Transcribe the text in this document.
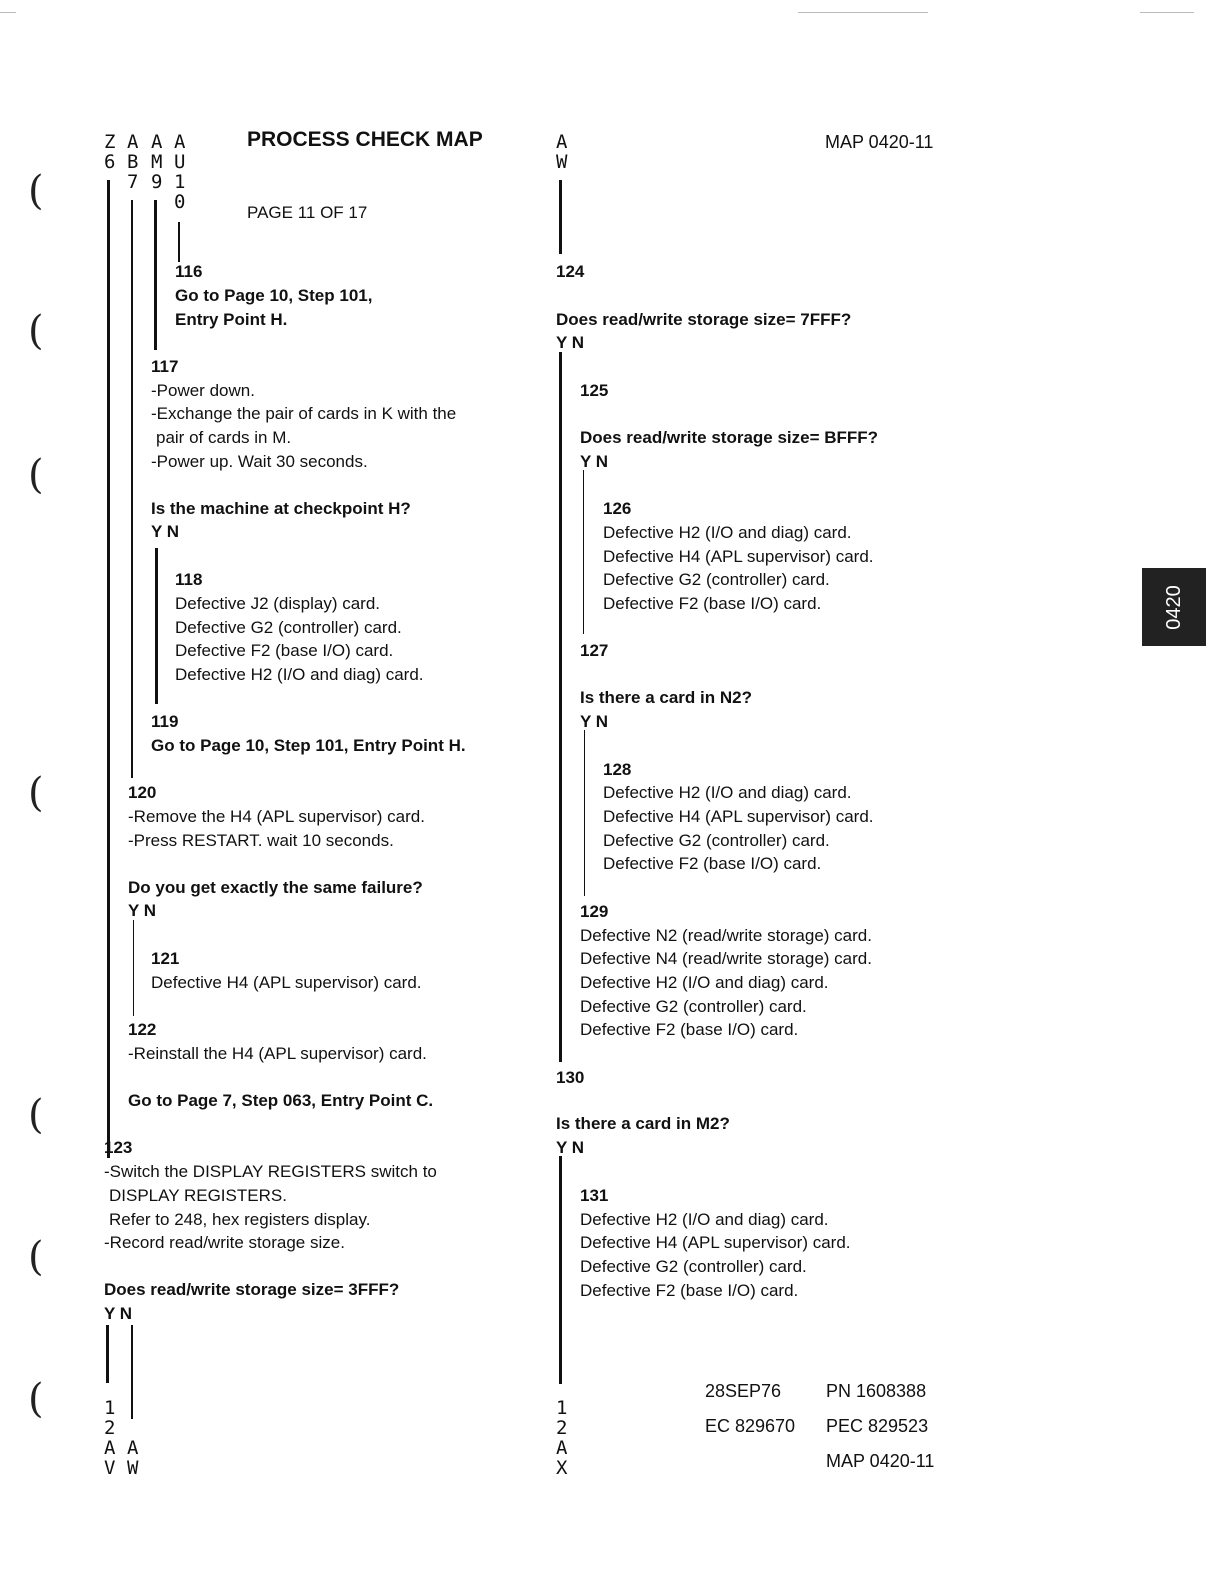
(
(
(
(
(
(
(
Z
6
A
B
7
A
M
9
A
U
1
0
PROCESS CHECK MAP
PAGE 11 OF 17
A
W
MAP 0420-11
0420
116
Go to Page 10, Step 101,
Entry Point H.
117
-Power down.
-Exchange the pair of cards in K with the
pair of cards in M.
-Power up. Wait 30 seconds.
Is the machine at checkpoint H?
Y N
118
Defective J2 (display) card.
Defective G2 (controller) card.
Defective F2 (base I/O) card.
Defective H2 (I/O and diag) card.
119
Go to Page 10, Step 101, Entry Point H.
120
-Remove the H4 (APL supervisor) card.
-Press RESTART. wait 10 seconds.
Do you get exactly the same failure?
Y N
121
Defective H4 (APL supervisor) card.
122
-Reinstall the H4 (APL supervisor) card.
Go to Page 7, Step 063, Entry Point C.
123
-Switch the DISPLAY REGISTERS switch to
DISPLAY REGISTERS.
Refer to 248, hex registers display.
-Record read/write storage size.
Does read/write storage size= 3FFF?
Y N
1
2
A
V
A
W
124
Does read/write storage size= 7FFF?
Y N
125
Does read/write storage size= BFFF?
Y N
126
Defective H2 (I/O and diag) card.
Defective H4 (APL supervisor) card.
Defective G2 (controller) card.
Defective F2 (base I/O) card.
127
Is there a card in N2?
Y N
128
Defective H2 (I/O and diag) card.
Defective H4 (APL supervisor) card.
Defective G2 (controller) card.
Defective F2 (base I/O) card.
129
Defective N2 (read/write storage) card.
Defective N4 (read/write storage) card.
Defective H2 (I/O and diag) card.
Defective G2 (controller) card.
Defective F2 (base I/O) card.
130
Is there a card in M2?
Y N
131
Defective H2 (I/O and diag) card.
Defective H4 (APL supervisor) card.
Defective G2 (controller) card.
Defective F2 (base I/O) card.
1
2
A
X
28SEP76 PN 1608388
EC 829670 PEC 829523
MAP 0420-11
